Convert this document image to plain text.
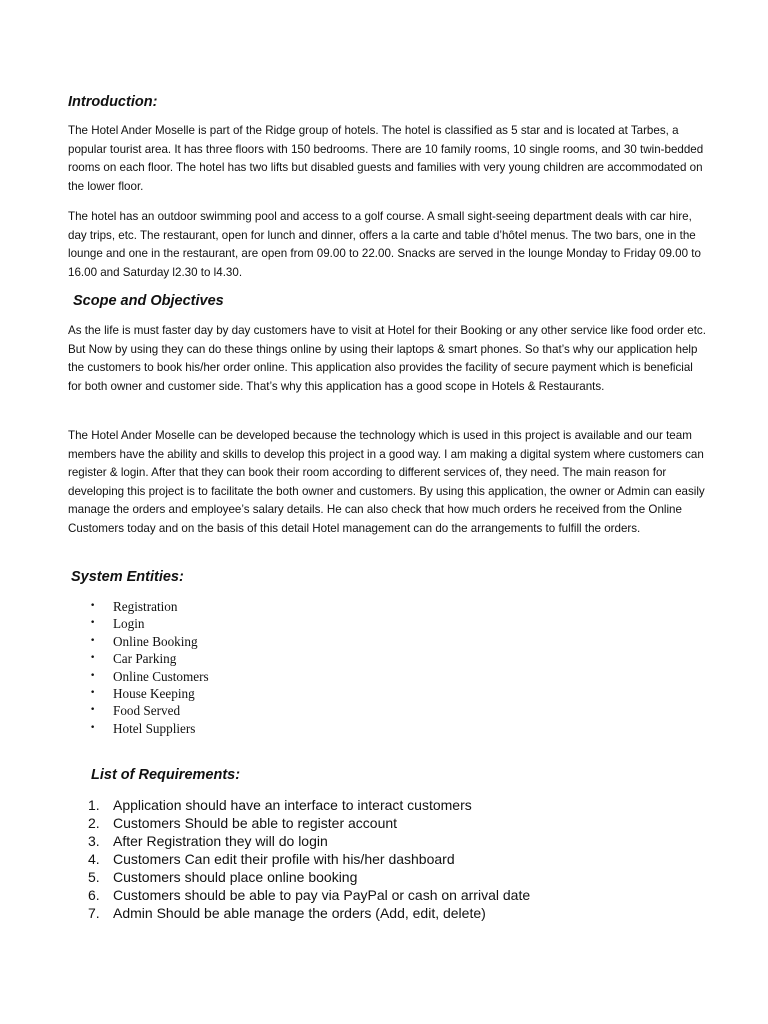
Introduction:

The Hotel Ander Moselle is part of the Ridge group of hotels. The hotel is classified as 5 star and is located at Tarbes, a popular tourist area. It has three floors with 150 bedrooms. There are 10 family rooms, 10 single rooms, and 30 twin-bedded rooms on each floor. The hotel has two lifts but disabled guests and families with very young children are accommodated on the lower floor.

The hotel has an outdoor swimming pool and access to a golf course. A small sight-seeing department deals with car hire, day trips, etc. The restaurant, open for lunch and dinner, offers a la carte and table d’hôtel menus. The two bars, one in the lounge and one in the restaurant, are open from 09.00 to 22.00. Snacks are served in the lounge Monday to Friday 09.00 to 16.00 and Saturday l2.30 to l4.30.

Scope and Objectives

As the life is must faster day by day customers have to visit at Hotel for their Booking or any other service like food order etc. But Now by using they can do these things online by using their laptops & smart phones. So that’s why our application help the customers to book his/her order online. This application also provides the facility of secure payment which is beneficial for both owner and customer side. That’s why this application has a good scope in Hotels & Restaurants.

The Hotel Ander Moselle can be developed because the technology which is used in this project is available and our team members have the ability and skills to develop this project in a good way. I am making a digital system where customers can register & login. After that they can book their room according to different services of, they need. The main reason for developing this project is to facilitate the both owner and customers. By using this application, the owner or Admin can easily manage the orders and employee’s salary details. He can also check that how much orders he received from the Online Customers today and on the basis of this detail Hotel management can do the arrangements to fulfill the orders.

System Entities:
• Registration
• Login
• Online Booking
• Car Parking
• Online Customers
• House Keeping
• Food Served
• Hotel Suppliers
List of Requirements:
1. Application should have an interface to interact customers
2. Customers Should be able to register account
3. After Registration they will do login
4. Customers Can edit their profile with his/her dashboard
5. Customers should place online booking
6. Customers should be able to pay via PayPal or cash on arrival date
7. Admin Should be able manage the orders (Add, edit, delete)
